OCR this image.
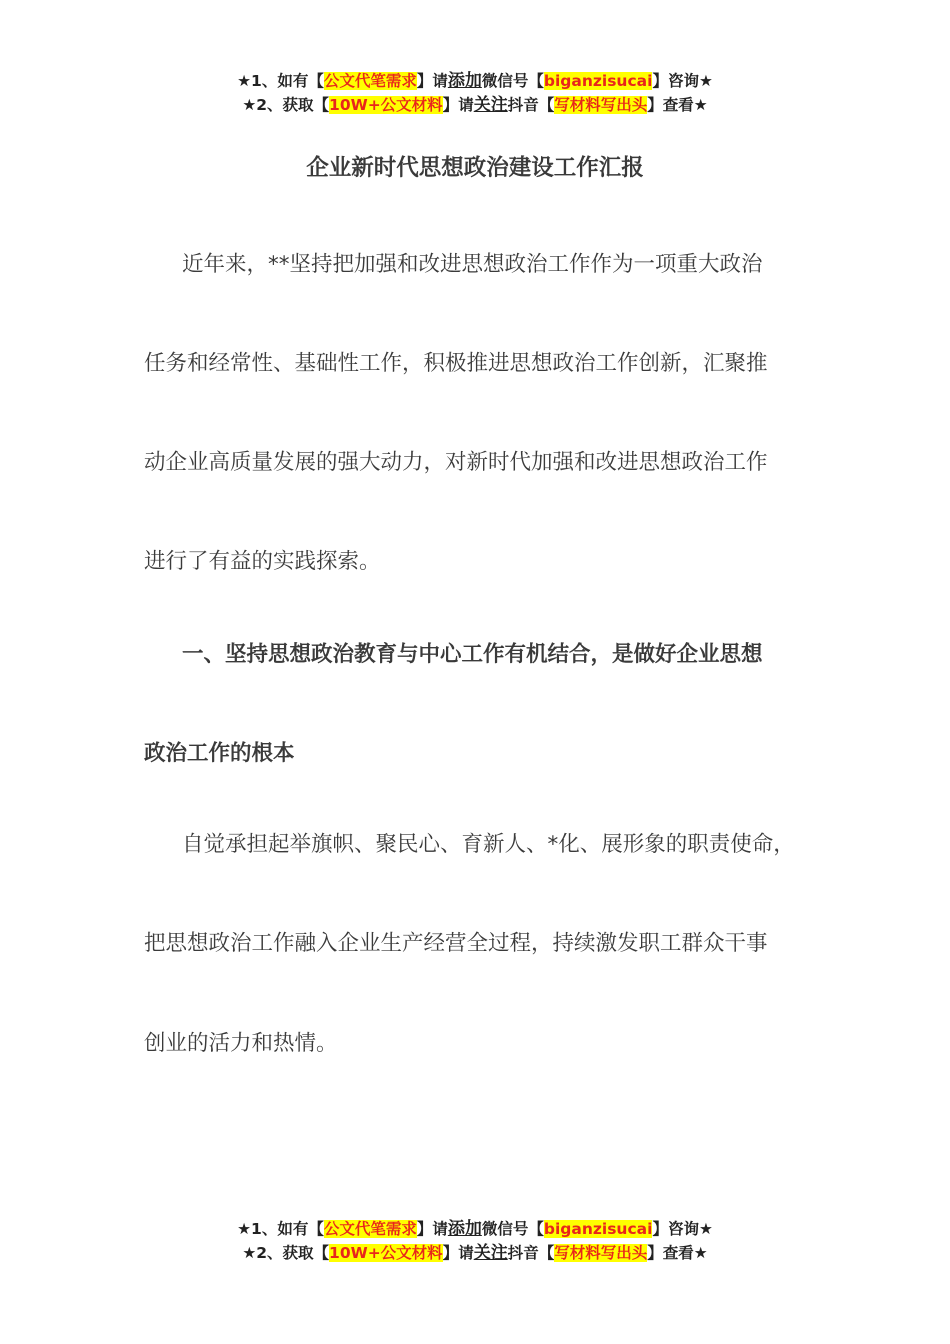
★1、如有【公文代笔需求】请添加微信号【biganzisucai】咨询★
★2、获取【10W+公文材料】请关注抖音【写材料写出头】查看★
企业新时代思想政治建设工作汇报
近年来，**坚持把加强和改进思想政治工作作为一项重大政治
任务和经常性、基础性工作，积极推进思想政治工作创新，汇聚推
动企业高质量发展的强大动力，对新时代加强和改进思想政治工作
进行了有益的实践探索。
一、坚持思想政治教育与中心工作有机结合，是做好企业思想
政治工作的根本
自觉承担起举旗帜、聚民心、育新人、*化、展形象的职责使命，
把思想政治工作融入企业生产经营全过程，持续激发职工群众干事
创业的活力和热情。
★1、如有【公文代笔需求】请添加微信号【biganzisucai】咨询★
★2、获取【10W+公文材料】请关注抖音【写材料写出头】查看★
